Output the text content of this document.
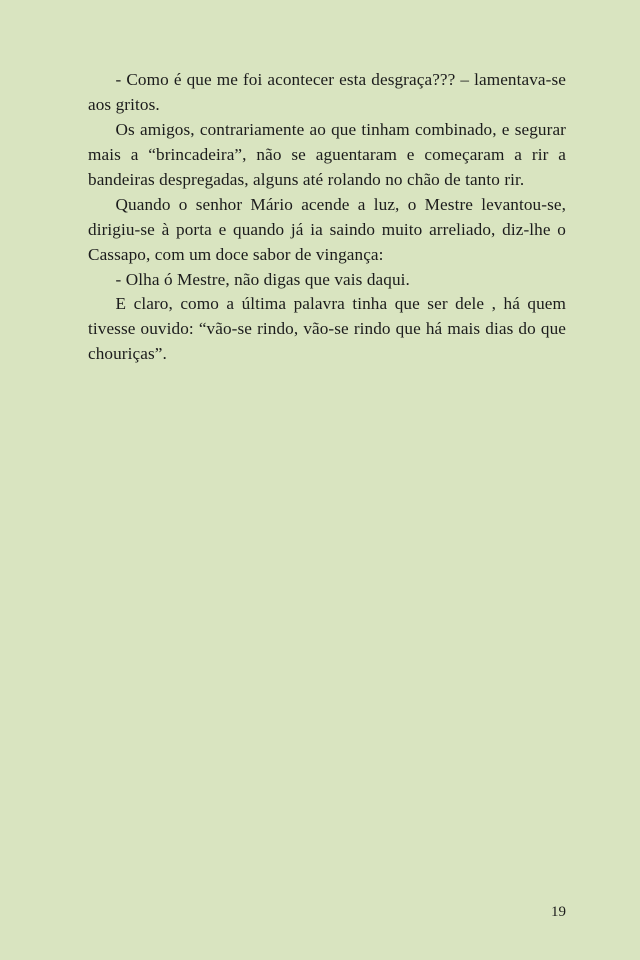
- Como é que me foi acontecer esta desgraça??? – lamentava-se aos gritos.

Os amigos, contrariamente ao que tinham combinado, e segurar mais a “brincadeira”, não se aguentaram e começaram a rir a bandeiras despregadas, alguns até rolando no chão de tanto rir.

Quando o senhor Mário acende a luz, o Mestre levantou-se, dirigiu-se à porta e quando já ia saindo muito arreliado, diz-lhe o Cassapo, com um doce sabor de vingança:

- Olha ó Mestre, não digas que vais daqui.

E claro, como a última palavra tinha que ser dele , há quem tivesse ouvido: “vão-se rindo, vão-se rindo que há mais dias do que chouriças”.

19
